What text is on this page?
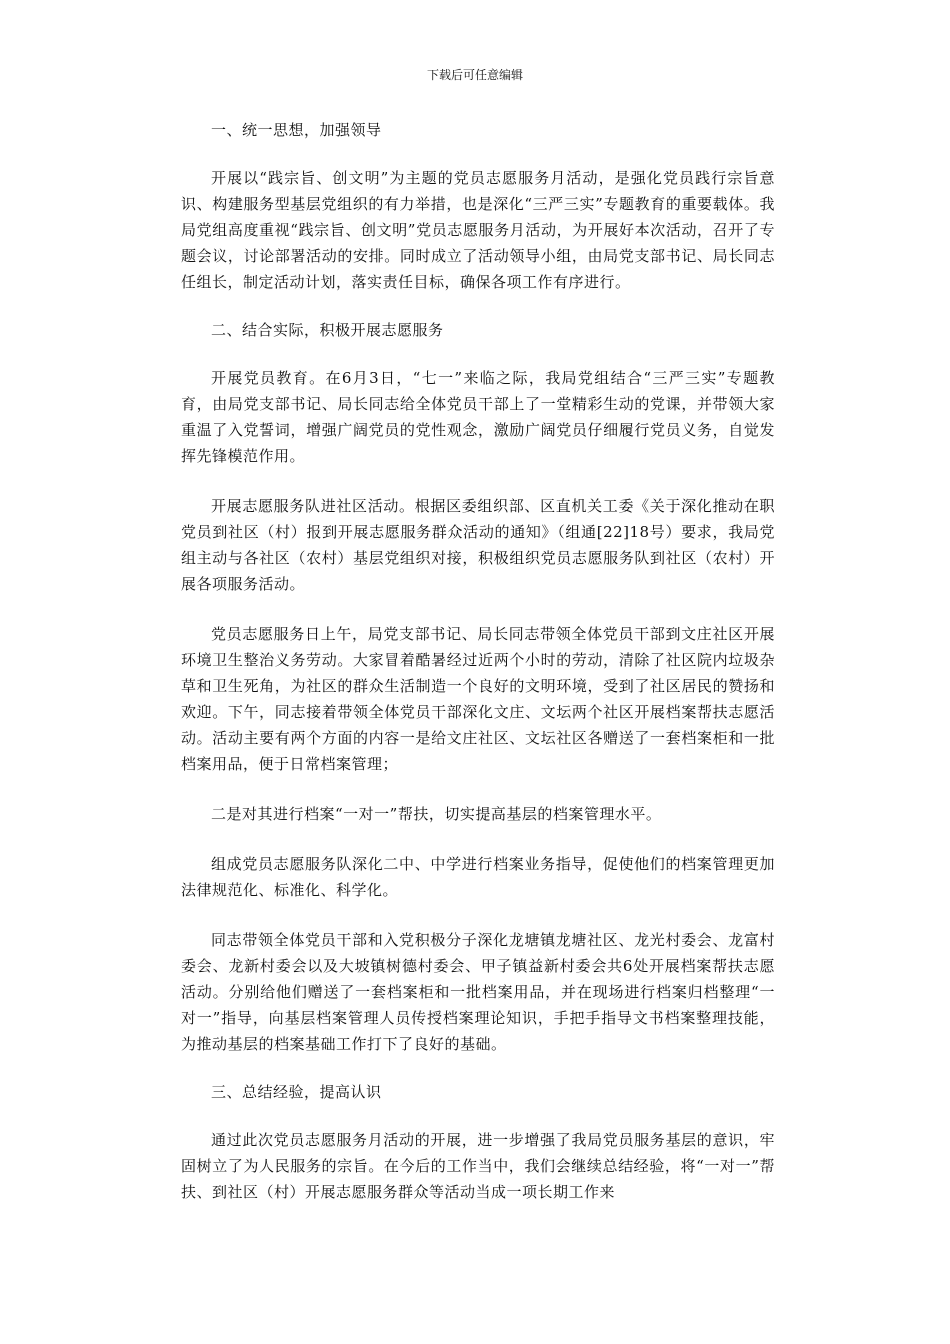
下载后可任意编辑

一、统一思想，加强领导

开展以“践宗旨、创文明”为主题的党员志愿服务月活动，是强化党员践行宗旨意识、构建服务型基层党组织的有力举措，也是深化“三严三实”专题教育的重要载体。我局党组高度重视“践宗旨、创文明”党员志愿服务月活动，为开展好本次活动，召开了专题会议，讨论部署活动的安排。同时成立了活动领导小组，由局党支部书记、局长同志任组长，制定活动计划，落实责任目标，确保各项工作有序进行。

二、结合实际，积极开展志愿服务

开展党员教育。在6月3日，“七一”来临之际，我局党组结合“三严三实”专题教育，由局党支部书记、局长同志给全体党员干部上了一堂精彩生动的党课，并带领大家重温了入党誓词，增强广阔党员的党性观念，激励广阔党员仔细履行党员义务，自觉发挥先锋模范作用。

开展志愿服务队进社区活动。根据区委组织部、区直机关工委《关于深化推动在职党员到社区（村）报到开展志愿服务群众活动的通知》（组通[22]18号）要求，我局党组主动与各社区（农村）基层党组织对接，积极组织党员志愿服务队到社区（农村）开展各项服务活动。

党员志愿服务日上午，局党支部书记、局长同志带领全体党员干部到文庄社区开展环境卫生整治义务劳动。大家冒着酷暑经过近两个小时的劳动，清除了社区院内垃圾杂草和卫生死角，为社区的群众生活制造一个良好的文明环境，受到了社区居民的赞扬和欢迎。下午，同志接着带领全体党员干部深化文庄、文坛两个社区开展档案帮扶志愿活动。活动主要有两个方面的内容一是给文庄社区、文坛社区各赠送了一套档案柜和一批档案用品，便于日常档案管理；

二是对其进行档案“一对一”帮扶，切实提高基层的档案管理水平。

组成党员志愿服务队深化二中、中学进行档案业务指导，促使他们的档案管理更加法律规范化、标准化、科学化。

同志带领全体党员干部和入党积极分子深化龙塘镇龙塘社区、龙光村委会、龙富村委会、龙新村委会以及大坡镇树德村委会、甲子镇益新村委会共6处开展档案帮扶志愿活动。分别给他们赠送了一套档案柜和一批档案用品，并在现场进行档案归档整理“一对一”指导，向基层档案管理人员传授档案理论知识，手把手指导文书档案整理技能，为推动基层的档案基础工作打下了良好的基础。

三、总结经验，提高认识

通过此次党员志愿服务月活动的开展，进一步增强了我局党员服务基层的意识，牢固树立了为人民服务的宗旨。在今后的工作当中，我们会继续总结经验，将“一对一”帮扶、到社区（村）开展志愿服务群众等活动当成一项长期工作来
